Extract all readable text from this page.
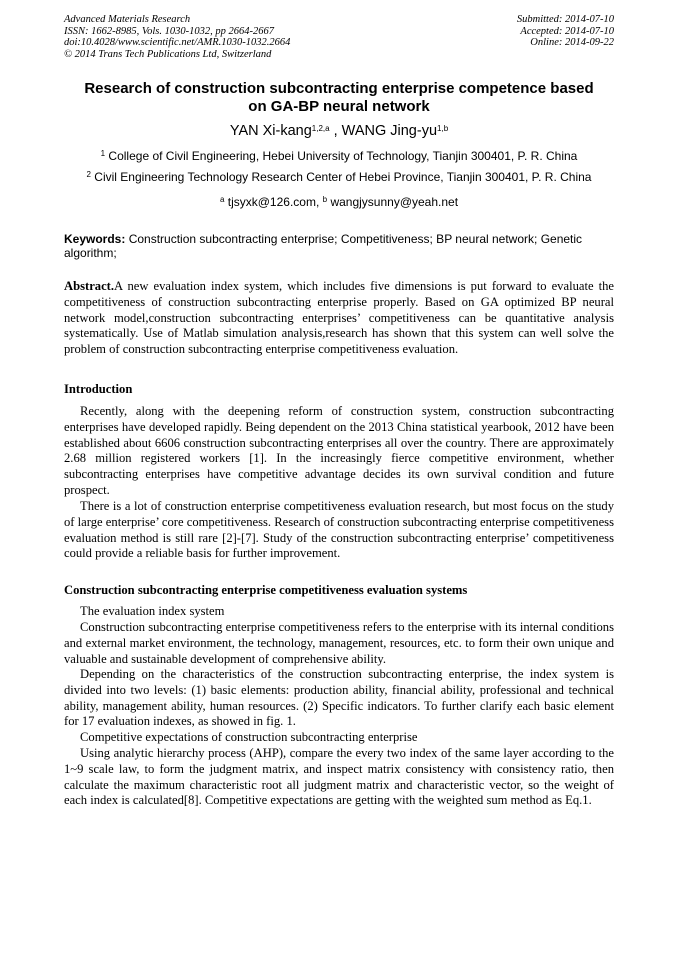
Advanced Materials Research
ISSN: 1662-8985, Vols. 1030-1032, pp 2664-2667
doi:10.4028/www.scientific.net/AMR.1030-1032.2664
© 2014 Trans Tech Publications Ltd, Switzerland
Submitted: 2014-07-10
Accepted: 2014-07-10
Online: 2014-09-22
Research of construction subcontracting enterprise competence based
on GA-BP neural network
YAN Xi-kang$^{1,2,a}$ , WANG Jing-yu$^{1,b}$
$^1$ College of Civil Engineering, Hebei University of Technology, Tianjin 300401, P. R. China
$^2$ Civil Engineering Technology Research Center of Hebei Province, Tianjin 300401, P. R. China
$^a$ tjsyxk@126.com, $^b$ wangjysunny@yeah.net
Keywords: Construction subcontracting enterprise; Competitiveness; BP neural network; Genetic algorithm;
Abstract.A new evaluation index system, which includes five dimensions is put forward to evaluate the competitiveness of construction subcontracting enterprise properly. Based on GA optimized BP neural network model,construction subcontracting enterprises’ competitiveness can be quantitative analysis systematically. Use of Matlab simulation analysis,research has shown that this system can well solve the problem of construction subcontracting enterprise competitiveness evaluation.
Introduction
Recently, along with the deepening reform of construction system, construction subcontracting enterprises have developed rapidly. Being dependent on the 2013 China statistical yearbook, 2012 have been established about 6606 construction subcontracting enterprises all over the country. There are approximately 2.68 million registered workers [1]. In the increasingly fierce competitive environment, whether subcontracting enterprises have competitive advantage decides its own survival condition and future prospect.
There is a lot of construction enterprise competitiveness evaluation research, but most focus on the study of large enterprise’ core competitiveness. Research of construction subcontracting enterprise competitiveness evaluation method is still rare [2]-[7]. Study of the construction subcontracting enterprise’ competitiveness could provide a reliable basis for further improvement.
Construction subcontracting enterprise competitiveness evaluation systems
The evaluation index system
Construction subcontracting enterprise competitiveness refers to the enterprise with its internal conditions and external market environment, the technology, management, resources, etc. to form their own unique and valuable and sustainable development of comprehensive ability.
Depending on the characteristics of the construction subcontracting enterprise, the index system is divided into two levels: (1) basic elements: production ability, financial ability, professional and technical ability, management ability, human resources. (2) Specific indicators. To further clarify each basic element for 17 evaluation indexes, as showed in fig. 1.
Competitive expectations of construction subcontracting enterprise
Using analytic hierarchy process (AHP), compare the every two index of the same layer according to the 1~9 scale law, to form the judgment matrix, and inspect matrix consistency with consistency ratio, then calculate the maximum characteristic root all judgment matrix and characteristic vector, so the weight of each index is calculated[8]. Competitive expectations are getting with the weighted sum method as Eq.1.
